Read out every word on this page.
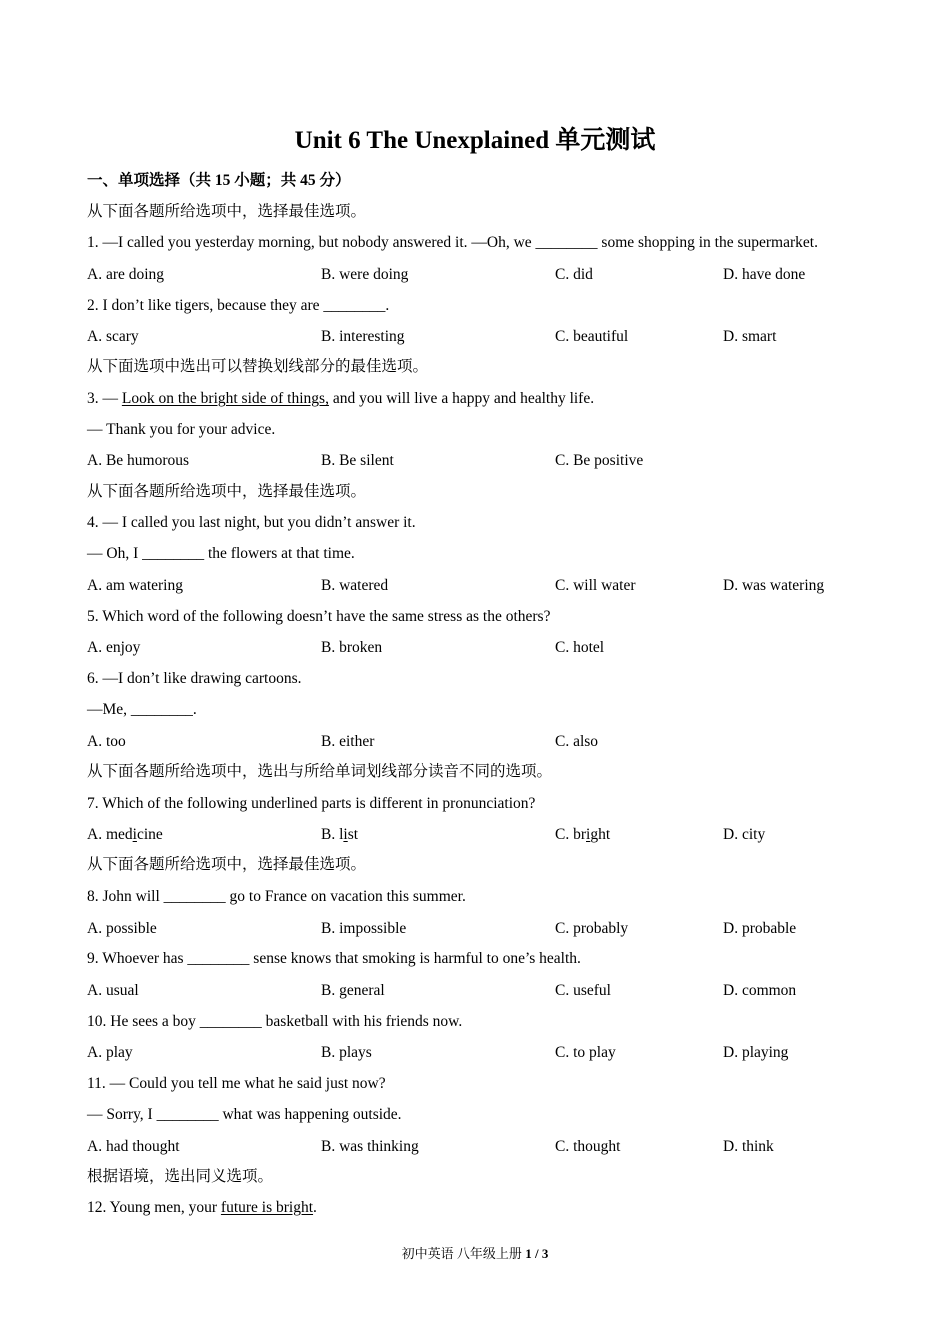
Unit 6 The Unexplained 单元测试
一、单项选择（共 15 小题；共 45 分）
从下面各题所给选项中，选择最佳选项。
1. —I called you yesterday morning, but nobody answered it. —Oh, we ________ some shopping in the supermarket.
A. are doing	B. were doing	C. did	D. have done
2. I don’t like tigers, because they are ________.
A. scary	B. interesting	C. beautiful	D. smart
从下面选项中选出可以替换划线部分的最佳选项。
3. — Look on the bright side of things, and you will live a happy and healthy life.
— Thank you for your advice.
A. Be humorous	B. Be silent	C. Be positive
从下面各题所给选项中，选择最佳选项。
4. — I called you last night, but you didn’t answer it.
— Oh, I ________ the flowers at that time.
A. am watering	B. watered	C. will water	D. was watering
5. Which word of the following doesn’t have the same stress as the others?
A. enjoy	B. broken	C. hotel
6. —I don’t like drawing cartoons.
—Me, ________.
A. too	B. either	C. also
从下面各题所给选项中，选出与所给单词划线部分读音不同的选项。
7. Which of the following underlined parts is different in pronunciation?
A. medicine	B. list	C. bright	D. city
从下面各题所给选项中，选择最佳选项。
8. John will ________ go to France on vacation this summer.
A. possible	B. impossible	C. probably	D. probable
9. Whoever has ________ sense knows that smoking is harmful to one’s health.
A. usual	B. general	C. useful	D. common
10. He sees a boy ________ basketball with his friends now.
A. play	B. plays	C. to play	D. playing
11. — Could you tell me what he said just now?
— Sorry, I ________ what was happening outside.
A. had thought	B. was thinking	C. thought	D. think
根据语境，选出同义选项。
12. Young men, your future is bright.
初中英语 八年级上册 1 / 3
